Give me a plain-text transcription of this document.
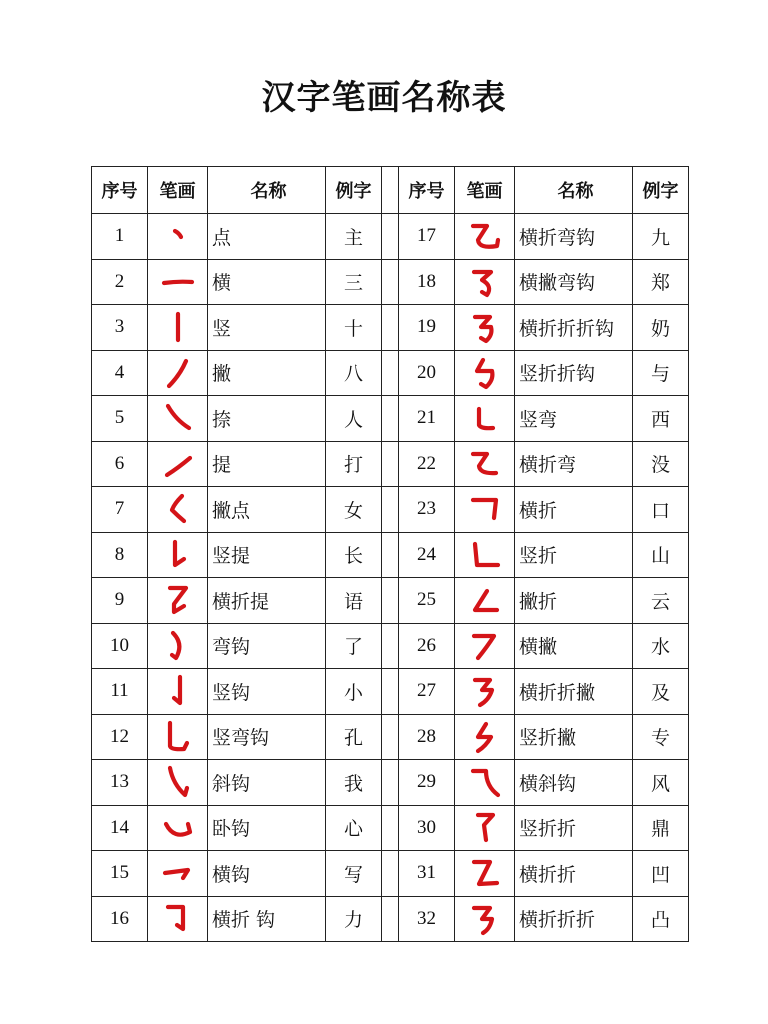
汉字笔画名称表
序号	笔画	名称	例字		序号	笔画	名称	例字
1		点	主		17		横折弯钩	九
2		横	三		18		横撇弯钩	郑
3		竖	十		19		横折折折钩	奶
4		撇	八		20		竖折折钩	与
5		捺	人		21		竖弯	西
6		提	打		22		横折弯	没
7		撇点	女		23		横折	口
8		竖提	长		24		竖折	山
9		横折提	语		25		撇折	云
10		弯钩	了		26		横撇	水
11		竖钩	小		27		横折折撇	及
12		竖弯钩	孔		28		竖折撇	专
13		斜钩	我		29		横斜钩	风
14		卧钩	心		30		竖折折	鼎
15		横钩	写		31		横折折	凹
16		横折 钩	力		32		横折折折	凸
